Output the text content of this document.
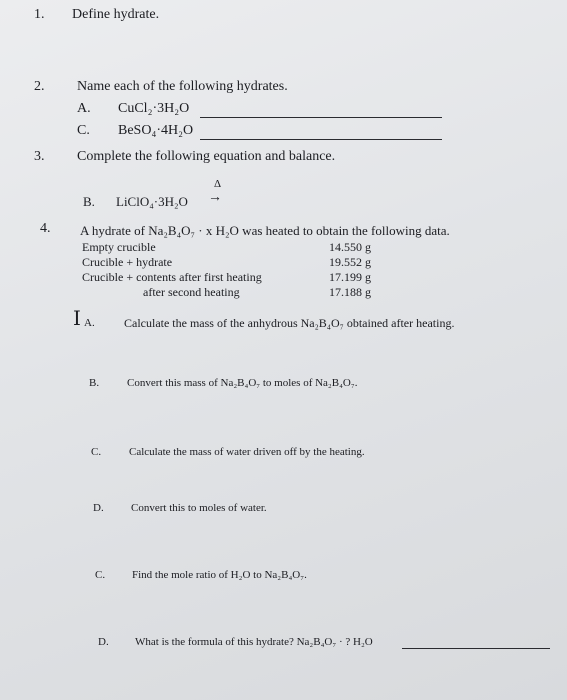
1. Define hydrate.
2. Name each of the following hydrates.
A. CuCl₂·3H₂O
C. BeSO₄·4H₂O
3. Complete the following equation and balance.
B. LiClO₄·3H₂O
Δ
→
4. A hydrate of Na₂B₄O₇ · x H₂O was heated to obtain the following data.
Empty crucible	14.550 g
Crucible + hydrate	19.552 g
Crucible + contents after first heating	17.199 g
after second heating	17.188 g
I A. Calculate the mass of the anhydrous Na₂B₄O₇ obtained after heating.
B.	Convert this mass of Na₂B₄O₇ to moles of Na₂B₄O₇.
C.	Calculate the mass of water driven off by the heating.
D. Convert this to moles of water.
C. Find the mole ratio of H₂O to Na₂B₄O₇.
D. What is the formula of this hydrate? Na₂B₄O₇ · ? H₂O
